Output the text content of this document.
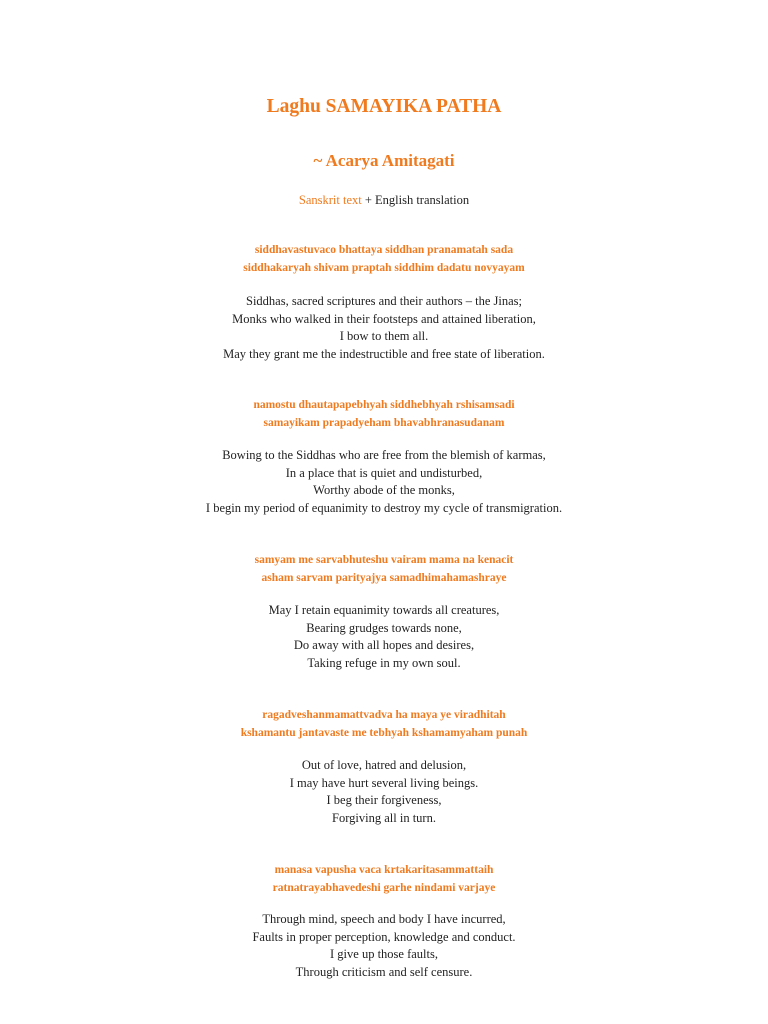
Laghu SAMAYIKA PATHA
~ Acarya Amitagati
Sanskrit text + English translation
siddhavastuvaco bhattaya siddhan pranamatah sada
siddhakaryah shivam praptah siddhim dadatu novyayam
Siddhas, sacred scriptures and their authors – the Jinas;
Monks who walked in their footsteps and attained liberation,
I bow to them all.
May they grant me the indestructible and free state of liberation.
namostu dhautapapebhyah siddhebhyah rshisamsadi
samayikam prapadyeham bhavabhranasudanam
Bowing to the Siddhas who are free from the blemish of karmas,
In a place that is quiet and undisturbed,
Worthy abode of the monks,
I begin my period of equanimity to destroy my cycle of transmigration.
samyam me sarvabhuteshu vairam mama na kenacit
asham sarvam parityajya samadhimahamashraye
May I retain equanimity towards all creatures,
Bearing grudges towards none,
Do away with all hopes and desires,
Taking refuge in my own soul.
ragadveshanmamattvadva ha maya ye viradhitah
kshamantu jantavaste me tebhyah kshamamyaham punah
Out of love, hatred and delusion,
I may have hurt several living beings.
I beg their forgiveness,
Forgiving all in turn.
manasa vapusha vaca krtakaritasammattaih
ratnatrayabhavedeshi garhe nindami varjaye
Through mind, speech and body I have incurred,
Faults in proper perception, knowledge and conduct.
I give up those faults,
Through criticism and self censure.
